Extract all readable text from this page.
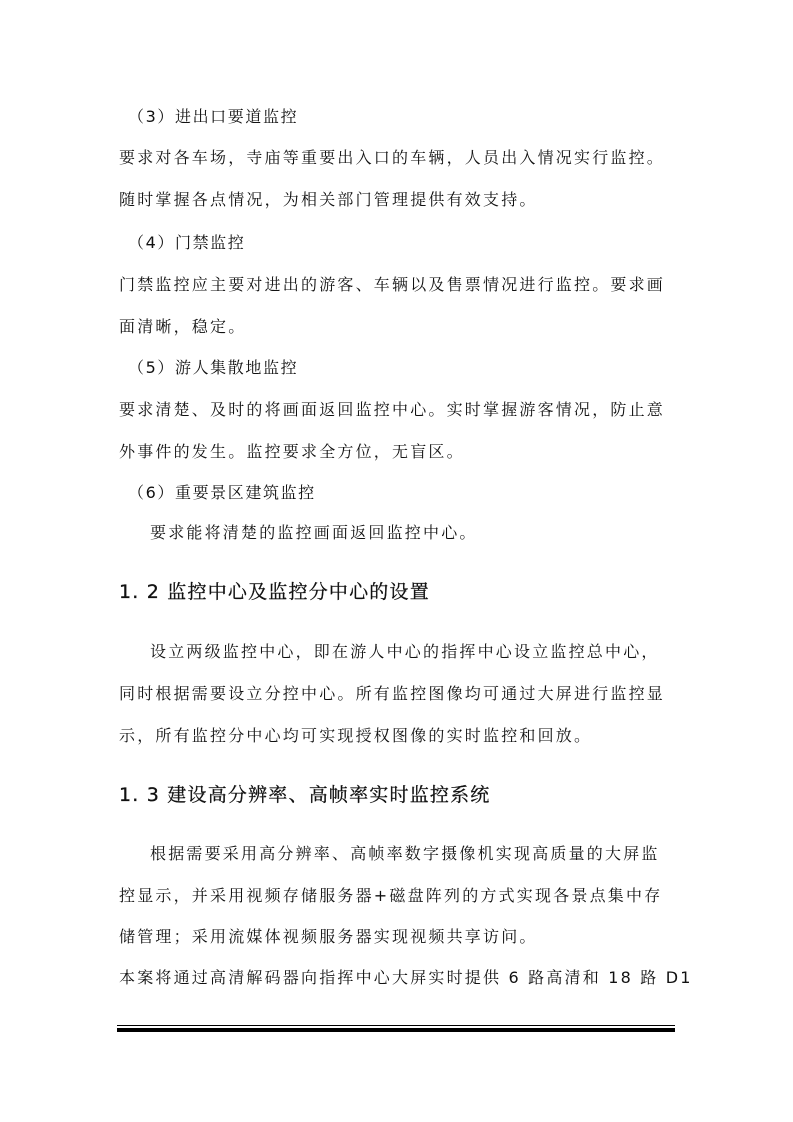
（3）进出口要道监控
要求对各车场，寺庙等重要出入口的车辆，人员出入情况实行监控。
随时掌握各点情况，为相关部门管理提供有效支持。
（4）门禁监控
门禁监控应主要对进出的游客、车辆以及售票情况进行监控。要求画
面清晰，稳定。
（5）游人集散地监控
要求清楚、及时的将画面返回监控中心。实时掌握游客情况，防止意
外事件的发生。监控要求全方位，无盲区。
（6）重要景区建筑监控
要求能将清楚的监控画面返回监控中心。
1. 2 监控中心及监控分中心的设置
设立两级监控中心，即在游人中心的指挥中心设立监控总中心，
同时根据需要设立分控中心。所有监控图像均可通过大屏进行监控显
示，所有监控分中心均可实现授权图像的实时监控和回放。
1. 3 建设高分辨率、高帧率实时监控系统
根据需要采用高分辨率、高帧率数字摄像机实现高质量的大屏监
控显示，并采用视频存储服务器+磁盘阵列的方式实现各景点集中存
储管理；采用流媒体视频服务器实现视频共享访问。
本案将通过高清解码器向指挥中心大屏实时提供 6 路高清和 18 路 D1
